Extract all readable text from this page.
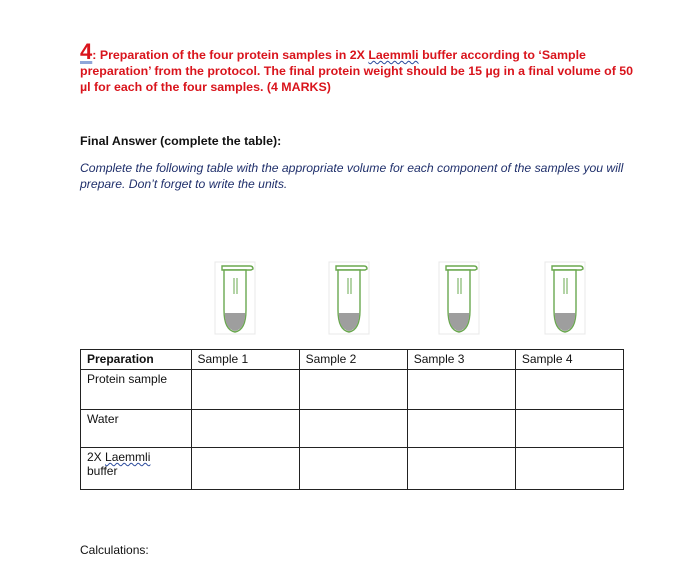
4: Preparation of the four protein samples in 2X Laemmli buffer according to ‘Sample preparation’ from the protocol. The final protein weight should be 15 µg in a final volume of 50 µl for each of the four samples. (4 MARKS)
Final Answer (complete the table):
Complete the following table with the appropriate volume for each component of the samples you will prepare. Don’t forget to write the units.
Preparation	Sample 1	Sample 2	Sample 3	Sample 4
Protein sample				
Water				
2X Laemmli
buffer				
Calculations:
